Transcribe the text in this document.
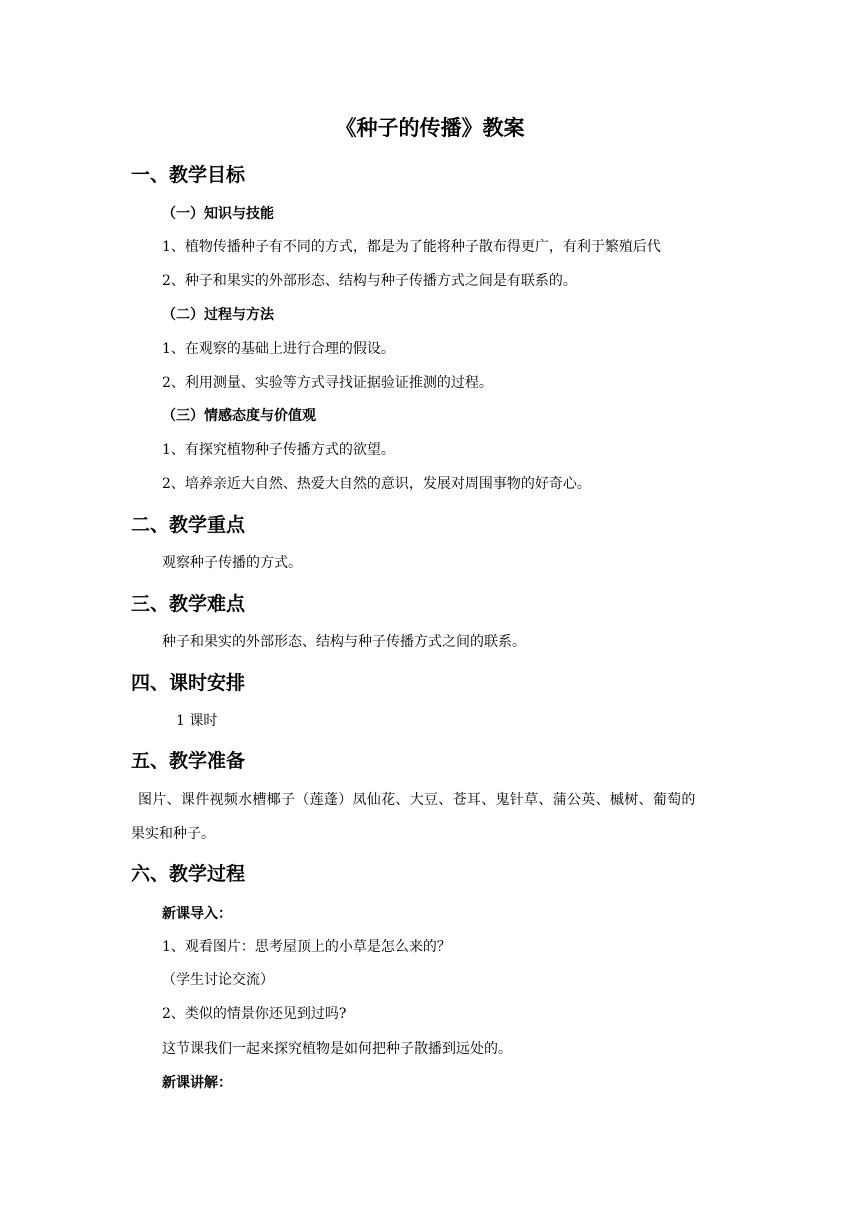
《种子的传播》教案
一、教学目标
（一）知识与技能
1、植物传播种子有不同的方式，都是为了能将种子散布得更广，有利于繁殖后代
2、种子和果实的外部形态、结构与种子传播方式之间是有联系的。
（二）过程与方法
1、在观察的基础上进行合理的假设。
2、利用测量、实验等方式寻找证据验证推测的过程。
（三）情感态度与价值观
1、有探究植物种子传播方式的欲望。
2、培养亲近大自然、热爱大自然的意识，发展对周围事物的好奇心。
二、教学重点
观察种子传播的方式。
三、教学难点
种子和果实的外部形态、结构与种子传播方式之间的联系。
四、课时安排
1 课时
五、教学准备
图片、课件视频水槽椰子（莲蓬）凤仙花、大豆、苍耳、鬼针草、蒲公英、槭树、葡萄的
果实和种子。
六、教学过程
新课导入：
1、观看图片：思考屋顶上的小草是怎么来的？
（学生讨论交流）
2、类似的情景你还见到过吗?
这节课我们一起来探究植物是如何把种子散播到远处的。
新课讲解：
